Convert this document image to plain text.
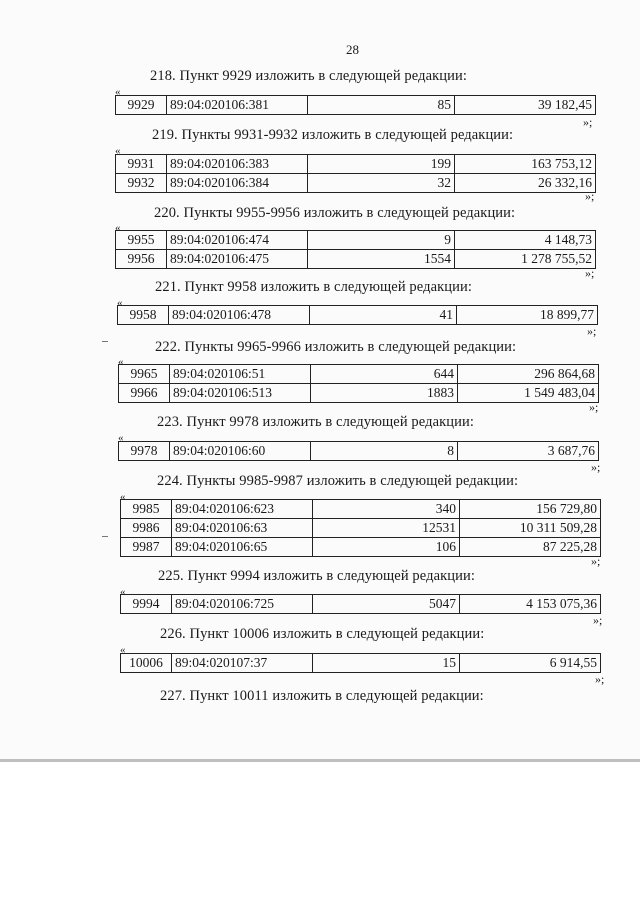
28
218. Пункт 9929 изложить в следующей редакции:
«
9929	89:04:020106:381	85	39 182,45
»;
219. Пункты 9931-9932 изложить в следующей редакции:
«
9931	89:04:020106:383	199	163 753,12
9932	89:04:020106:384	32	26 332,16
»;
220. Пункты 9955-9956 изложить в следующей редакции:
«
9955	89:04:020106:474	9	4 148,73
9956	89:04:020106:475	1554	1 278 755,52
»;
221. Пункт 9958 изложить в следующей редакции:
«
9958	89:04:020106:478	41	18 899,77
»;
222. Пункты 9965-9966 изложить в следующей редакции:
«
9965	89:04:020106:51	644	296 864,68
9966	89:04:020106:513	1883	1 549 483,04
»;
223. Пункт 9978 изложить в следующей редакции:
«
9978	89:04:020106:60	8	3 687,76
»;
224. Пункты 9985-9987 изложить в следующей редакции:
«
9985	89:04:020106:623	340	156 729,80
9986	89:04:020106:63	12531	10 311 509,28
9987	89:04:020106:65	106	87 225,28
»;
225. Пункт 9994 изложить в следующей редакции:
«
9994	89:04:020106:725	5047	4 153 075,36
»;
226. Пункт 10006 изложить в следующей редакции:
«
10006	89:04:020107:37	15	6 914,55
»;
227. Пункт 10011 изложить в следующей редакции:
